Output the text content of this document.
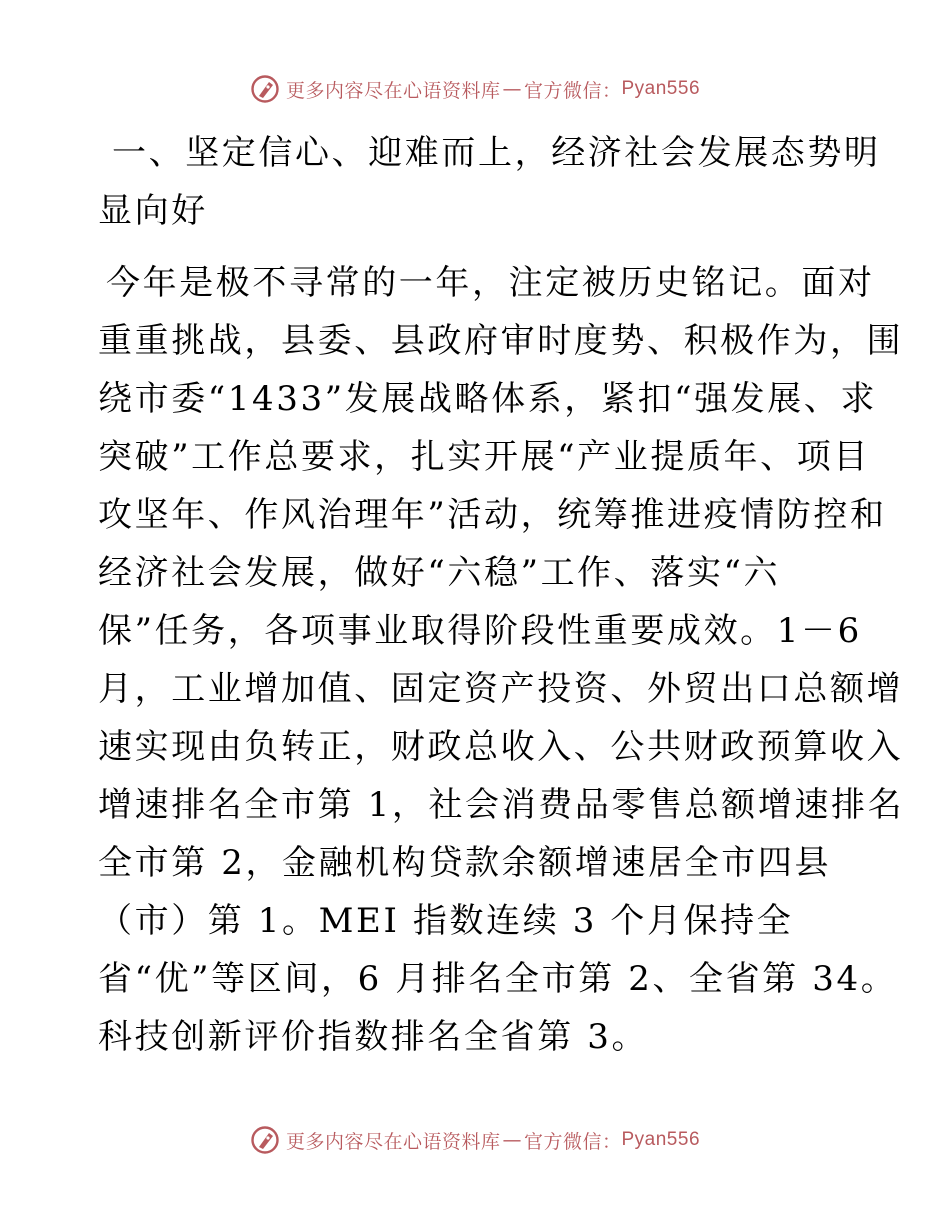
更多内容尽在心语资料库 — 官方微信： Pyan556
一、坚定信心、迎难而上，经济社会发展态势明
显向好
今年是极不寻常的一年，注定被历史铭记。面对
重重挑战，县委、县政府审时度势、积极作为，围
绕市委“1433”发展战略体系，紧扣“强发展、求
突破”工作总要求，扎实开展“产业提质年、项目
攻坚年、作风治理年”活动，统筹推进疫情防控和
经济社会发展，做好“六稳”工作、落实“六
保”任务，各项事业取得阶段性重要成效。1－6
月，工业增加值、固定资产投资、外贸出口总额增
速实现由负转正，财政总收入、公共财政预算收入
增速排名全市第 1，社会消费品零售总额增速排名
全市第 2，金融机构贷款余额增速居全市四县
（市）第 1。MEI 指数连续 3 个月保持全
省“优”等区间，6 月排名全市第 2、全省第 34。
科技创新评价指数排名全省第 3。
更多内容尽在心语资料库 — 官方微信： Pyan556
